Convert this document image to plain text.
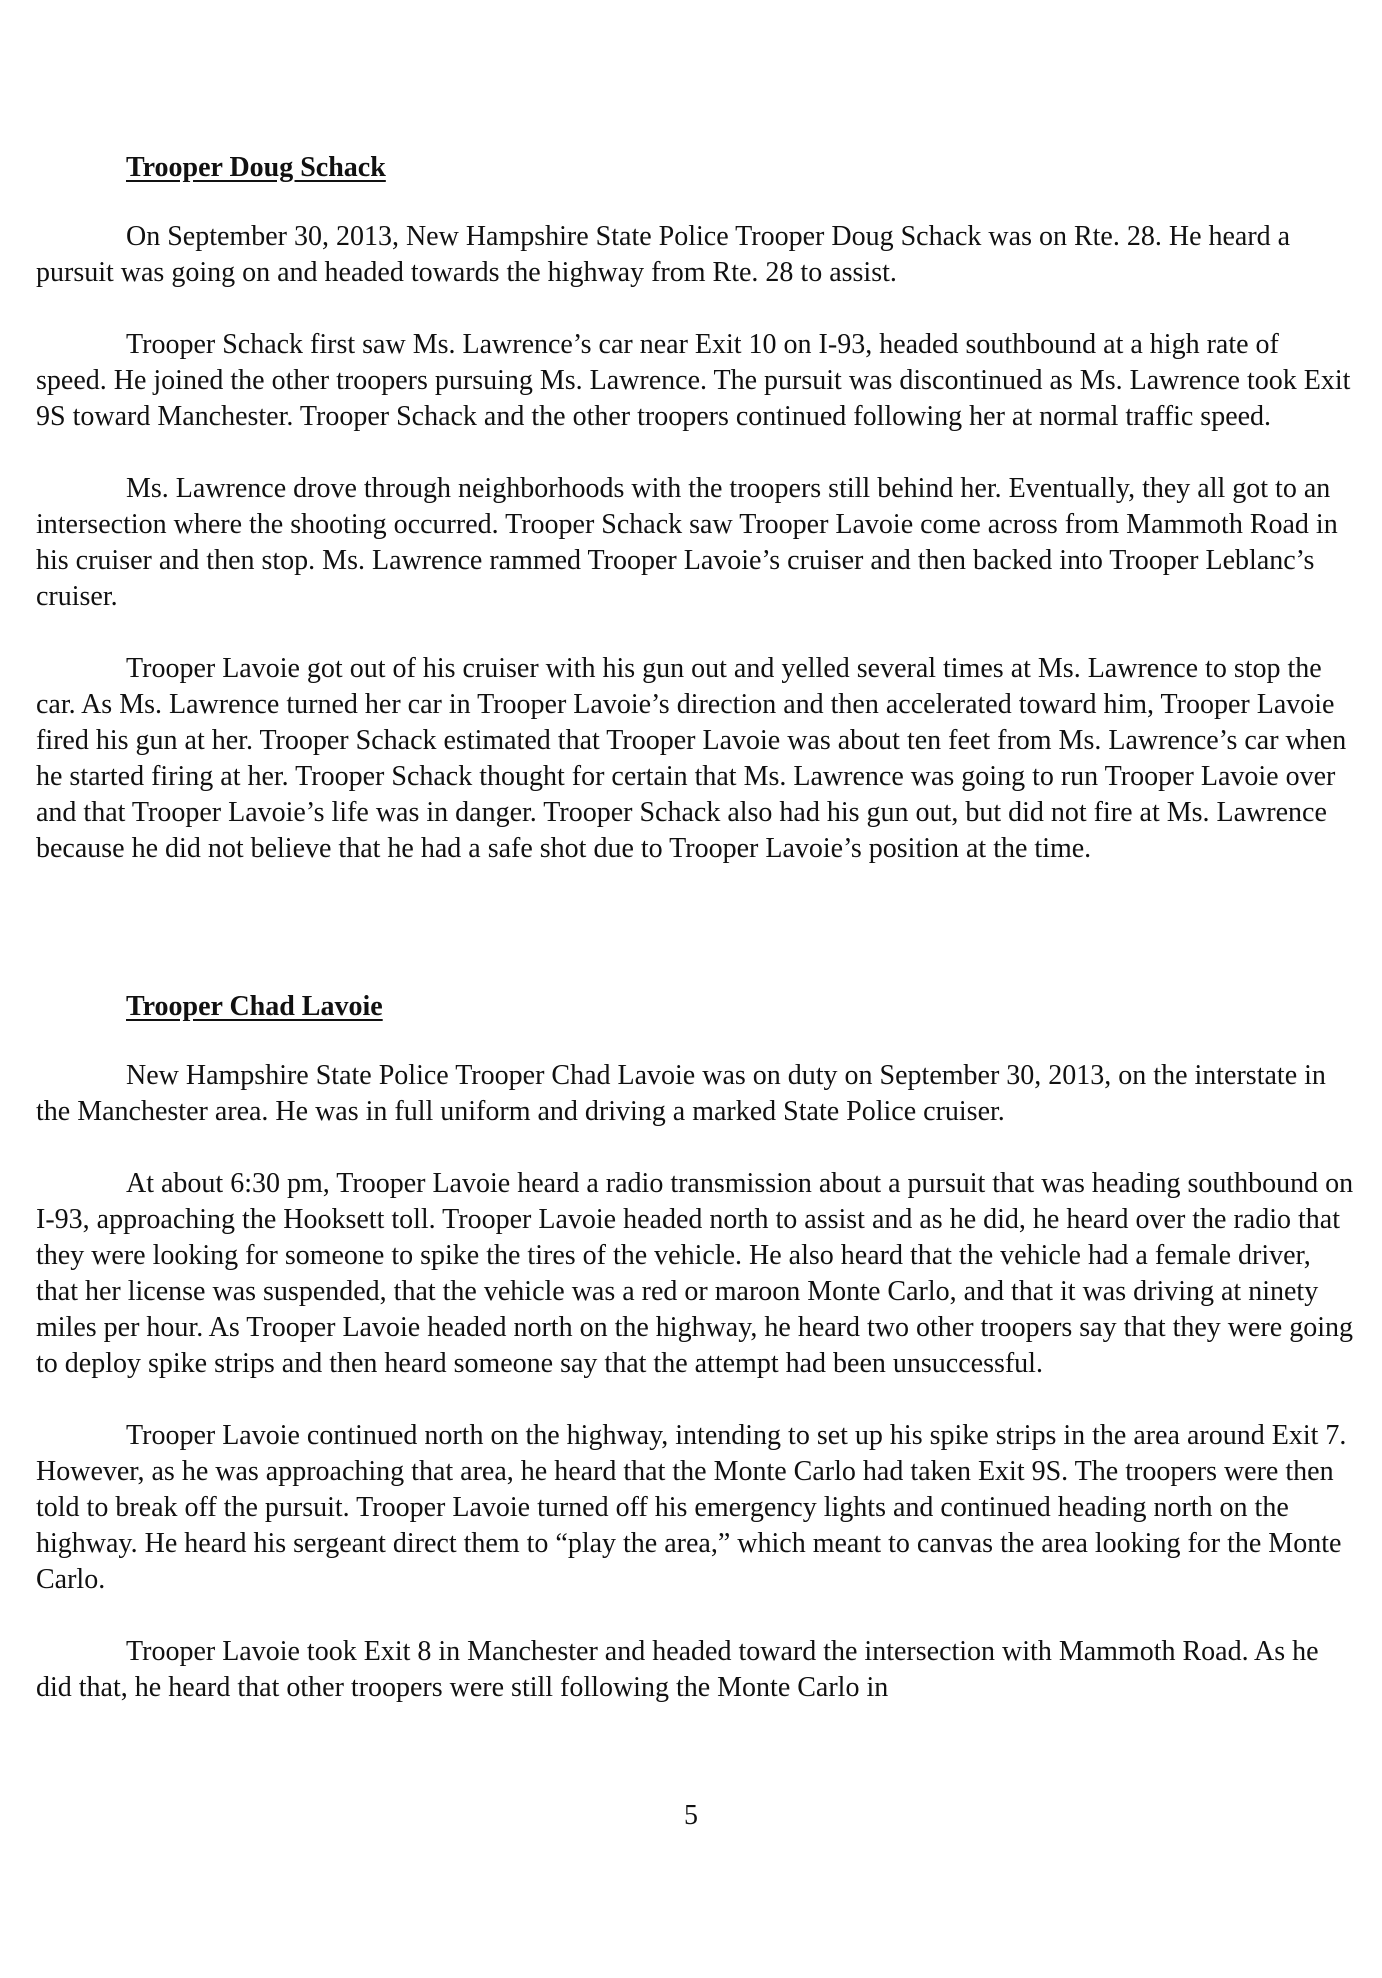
Trooper Doug Schack

On September 30, 2013, New Hampshire State Police Trooper Doug Schack was on Rte. 28. He heard a pursuit was going on and headed towards the highway from Rte. 28 to assist.

Trooper Schack first saw Ms. Lawrence’s car near Exit 10 on I-93, headed southbound at a high rate of speed. He joined the other troopers pursuing Ms. Lawrence. The pursuit was discontinued as Ms. Lawrence took Exit 9S toward Manchester. Trooper Schack and the other troopers continued following her at normal traffic speed.

Ms. Lawrence drove through neighborhoods with the troopers still behind her. Eventually, they all got to an intersection where the shooting occurred. Trooper Schack saw Trooper Lavoie come across from Mammoth Road in his cruiser and then stop. Ms. Lawrence rammed Trooper Lavoie’s cruiser and then backed into Trooper Leblanc’s cruiser.

Trooper Lavoie got out of his cruiser with his gun out and yelled several times at Ms. Lawrence to stop the car. As Ms. Lawrence turned her car in Trooper Lavoie’s direction and then accelerated toward him, Trooper Lavoie fired his gun at her. Trooper Schack estimated that Trooper Lavoie was about ten feet from Ms. Lawrence’s car when he started firing at her. Trooper Schack thought for certain that Ms. Lawrence was going to run Trooper Lavoie over and that Trooper Lavoie’s life was in danger. Trooper Schack also had his gun out, but did not fire at Ms. Lawrence because he did not believe that he had a safe shot due to Trooper Lavoie’s position at the time.

Trooper Chad Lavoie

New Hampshire State Police Trooper Chad Lavoie was on duty on September 30, 2013, on the interstate in the Manchester area. He was in full uniform and driving a marked State Police cruiser.

At about 6:30 pm, Trooper Lavoie heard a radio transmission about a pursuit that was heading southbound on I-93, approaching the Hooksett toll. Trooper Lavoie headed north to assist and as he did, he heard over the radio that they were looking for someone to spike the tires of the vehicle. He also heard that the vehicle had a female driver, that her license was suspended, that the vehicle was a red or maroon Monte Carlo, and that it was driving at ninety miles per hour. As Trooper Lavoie headed north on the highway, he heard two other troopers say that they were going to deploy spike strips and then heard someone say that the attempt had been unsuccessful.

Trooper Lavoie continued north on the highway, intending to set up his spike strips in the area around Exit 7. However, as he was approaching that area, he heard that the Monte Carlo had taken Exit 9S. The troopers were then told to break off the pursuit. Trooper Lavoie turned off his emergency lights and continued heading north on the highway. He heard his sergeant direct them to “play the area,” which meant to canvas the area looking for the Monte Carlo.

Trooper Lavoie took Exit 8 in Manchester and headed toward the intersection with Mammoth Road. As he did that, he heard that other troopers were still following the Monte Carlo in

5
